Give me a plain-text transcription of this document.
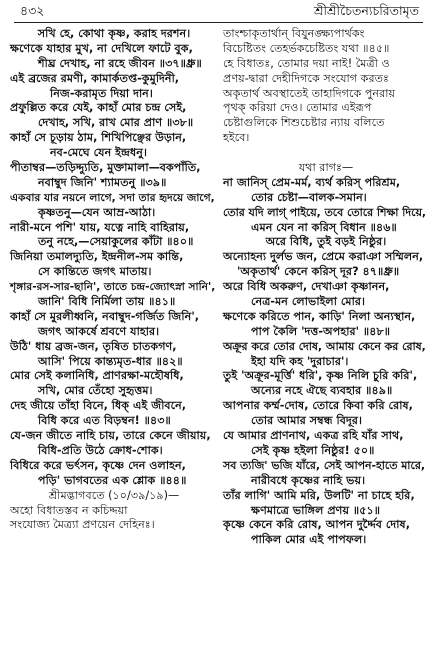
৪৩২	শ্রীশ্রীচৈতন্যচরিতামৃত
সখি হে, কোথা কৃষ্ণ, করাহ দরশন।
ক্ষণেকে যাহার মুখ, না দেখিলে ফাটে বুক,
শীঘ্র দেখাহ, না রহে জীবন ॥৩৭॥ধ্রু॥
এই ব্রজের রমণী, কামার্কতপ্ত-কুমুদিনী,
নিজ-করামৃত দিয়া দান।
প্রফুল্লিত করে যেই, কাহাঁ মোর চন্দ্র সেই,
দেখাহ, সখি, রাখ মোর প্রাণ ॥৩৮॥
কাহাঁ সে চূড়ায় ঠাম, শিখিপিঞ্ছের উড়ান,
নব-মেঘে যেন ইন্দ্রধনু।
পীতাম্বর—তড়িদ্দ্যুতি, মুক্তামালা—বকপাঁতি,
নবাম্বুদ জিনি' শ্যামতনু ॥৩৯॥
একবার যার নয়নে লাগে, সদা তার হৃদয়ে জাগে,
কৃষ্ণতনু—যেন আম্র-আঠা।
নারী-মনে পশি' যায়, যত্নে নাহি বাহিরায়,
তনু নহে,—সেয়াকুলের কাঁটা ॥৪০॥
জিনিয়া তমালদ্যুতি, ইন্দ্রনীল-সম কান্তি,
সে কান্তিতে জগৎ মাতায়।
শৃঙ্গার-রস-সার-ছানি', তাতে চন্দ্র-জ্যোৎস্না সানি',
জানি' বিধি নির্মিলা তায় ॥৪১॥
কাহাঁ সে মুরলীধ্বনি, নবাম্বুদ-গর্জিত জিনি',
জগৎ আকর্ষে শ্রবণে যাহার।
উঠি' ধায় ব্রজ-জন, তৃষিত চাতকগণ,
আসি' পিয়ে কান্ত্যমৃত-ধার ॥৪২॥
মোর সেই কলানিধি, প্রাণরক্ষা-মহৌষধি,
সখি, মোর তেঁহো সুহৃত্তম।
দেহ জীয়ে তাঁহা বিনে, ধিক্ এই জীবনে,
বিধি করে এত বিড়ম্বন! ॥৪৩॥
যে-জন জীতে নাহি চায়, তারে কেনে জীয়ায়,
বিধি-প্রতি উঠে ক্রোধ-শোক।
বিধিরে করে ভর্ৎসন, কৃষ্ণে দেন ওলাহন,
পড়ি' ভাগবতের এক শ্লোক ॥৪৪॥
শ্রীমদ্ভাগবতে (১০/৩৯/১৯)—
অহো বিধাতস্তব ন কচিদ্দয়া
সংযোজ্য মৈত্র্যা প্রণয়েন দেহিনঃ।
তাংশ্চাকৃতার্থান্ বিযুনঙ্ক্ষ্যপার্থকং
বিচেষ্টিতং তেহর্ভকচেষ্টিতং যথা ॥৪৫॥
হে বিধাতঃ, তোমার দয়া নাই! মৈত্রী ও
প্রণয়-দ্বারা দেহীদিগকে সংযোগ করতঃ
অকৃতার্থ অবস্থাতেই তাহাদিগকে পুনরায়
পৃথক্ করিয়া দেও। তোমার এইরূপ
চেষ্টাগুলিকে শিশুচেষ্টার ন্যায় বলিতে
হইবে।
যথা রাগঃ—
না জানিস্ প্রেম-মর্ম, ব্যর্থ করিস্ পরিশ্রম,
তোর চেষ্টা—বালক-সমান।
তোর যদি লাগ্ পাইয়ে, তবে তোরে শিক্ষা দিয়ে,
এমন যেন না করিস্ বিধান ॥৪৬॥
অরে বিধি, তুই বড়ই নিষ্ঠুর।
অন্যোহন্য দুর্লভ জন, প্রেমে করাঞা সম্মিলন,
'অকৃতার্থ' কেনে করিস্ দূর? ৪৭॥ধ্রু॥
অরে বিধি অকরুণ, দেখাঞা কৃষ্ণানন,
নেত্র-মন লোভাইলা মোর।
ক্ষণেকে করিতে পান, কাড়ি' নিলা অন্যস্থান,
পাপ কৈলি 'দত্ত-অপহার' ॥৪৮॥
অক্রূর করে তোর দোষ, আমায় কেনে কর রোষ,
ইহা যদি কহ 'দুরাচার'।
তুই 'অক্রূর-মূর্ত্তি' ধরি', কৃষ্ণ নিলি চুরি করি',
অন্যের নহে ঐছে ব্যবহার ॥৪৯॥
আপনার কর্ম্ম-দোষ, তোরে কিবা করি রোষ,
তোর আমার সম্বন্ধ বিদূর।
যে আমার প্রাণনাথ, একত্র রহি যাঁর সাথ,
সেই কৃষ্ণ হইলা নিষ্ঠুর! ৫০॥
সব ত্যজি' ভজি যাঁরে, সেই আপন-হাতে মারে,
নারীবধে কৃষ্ণের নাহি ভয়।
তাঁর লাগি' আমি মরি, উলটি' না চাহে হরি,
ক্ষণমাত্রে ভাঙ্গিল প্রণয় ॥৫১॥
কৃষ্ণে কেনে করি রোষ, আপন দুর্দ্দৈব দোষ,
পাকিল মোর এই পাপফল।
